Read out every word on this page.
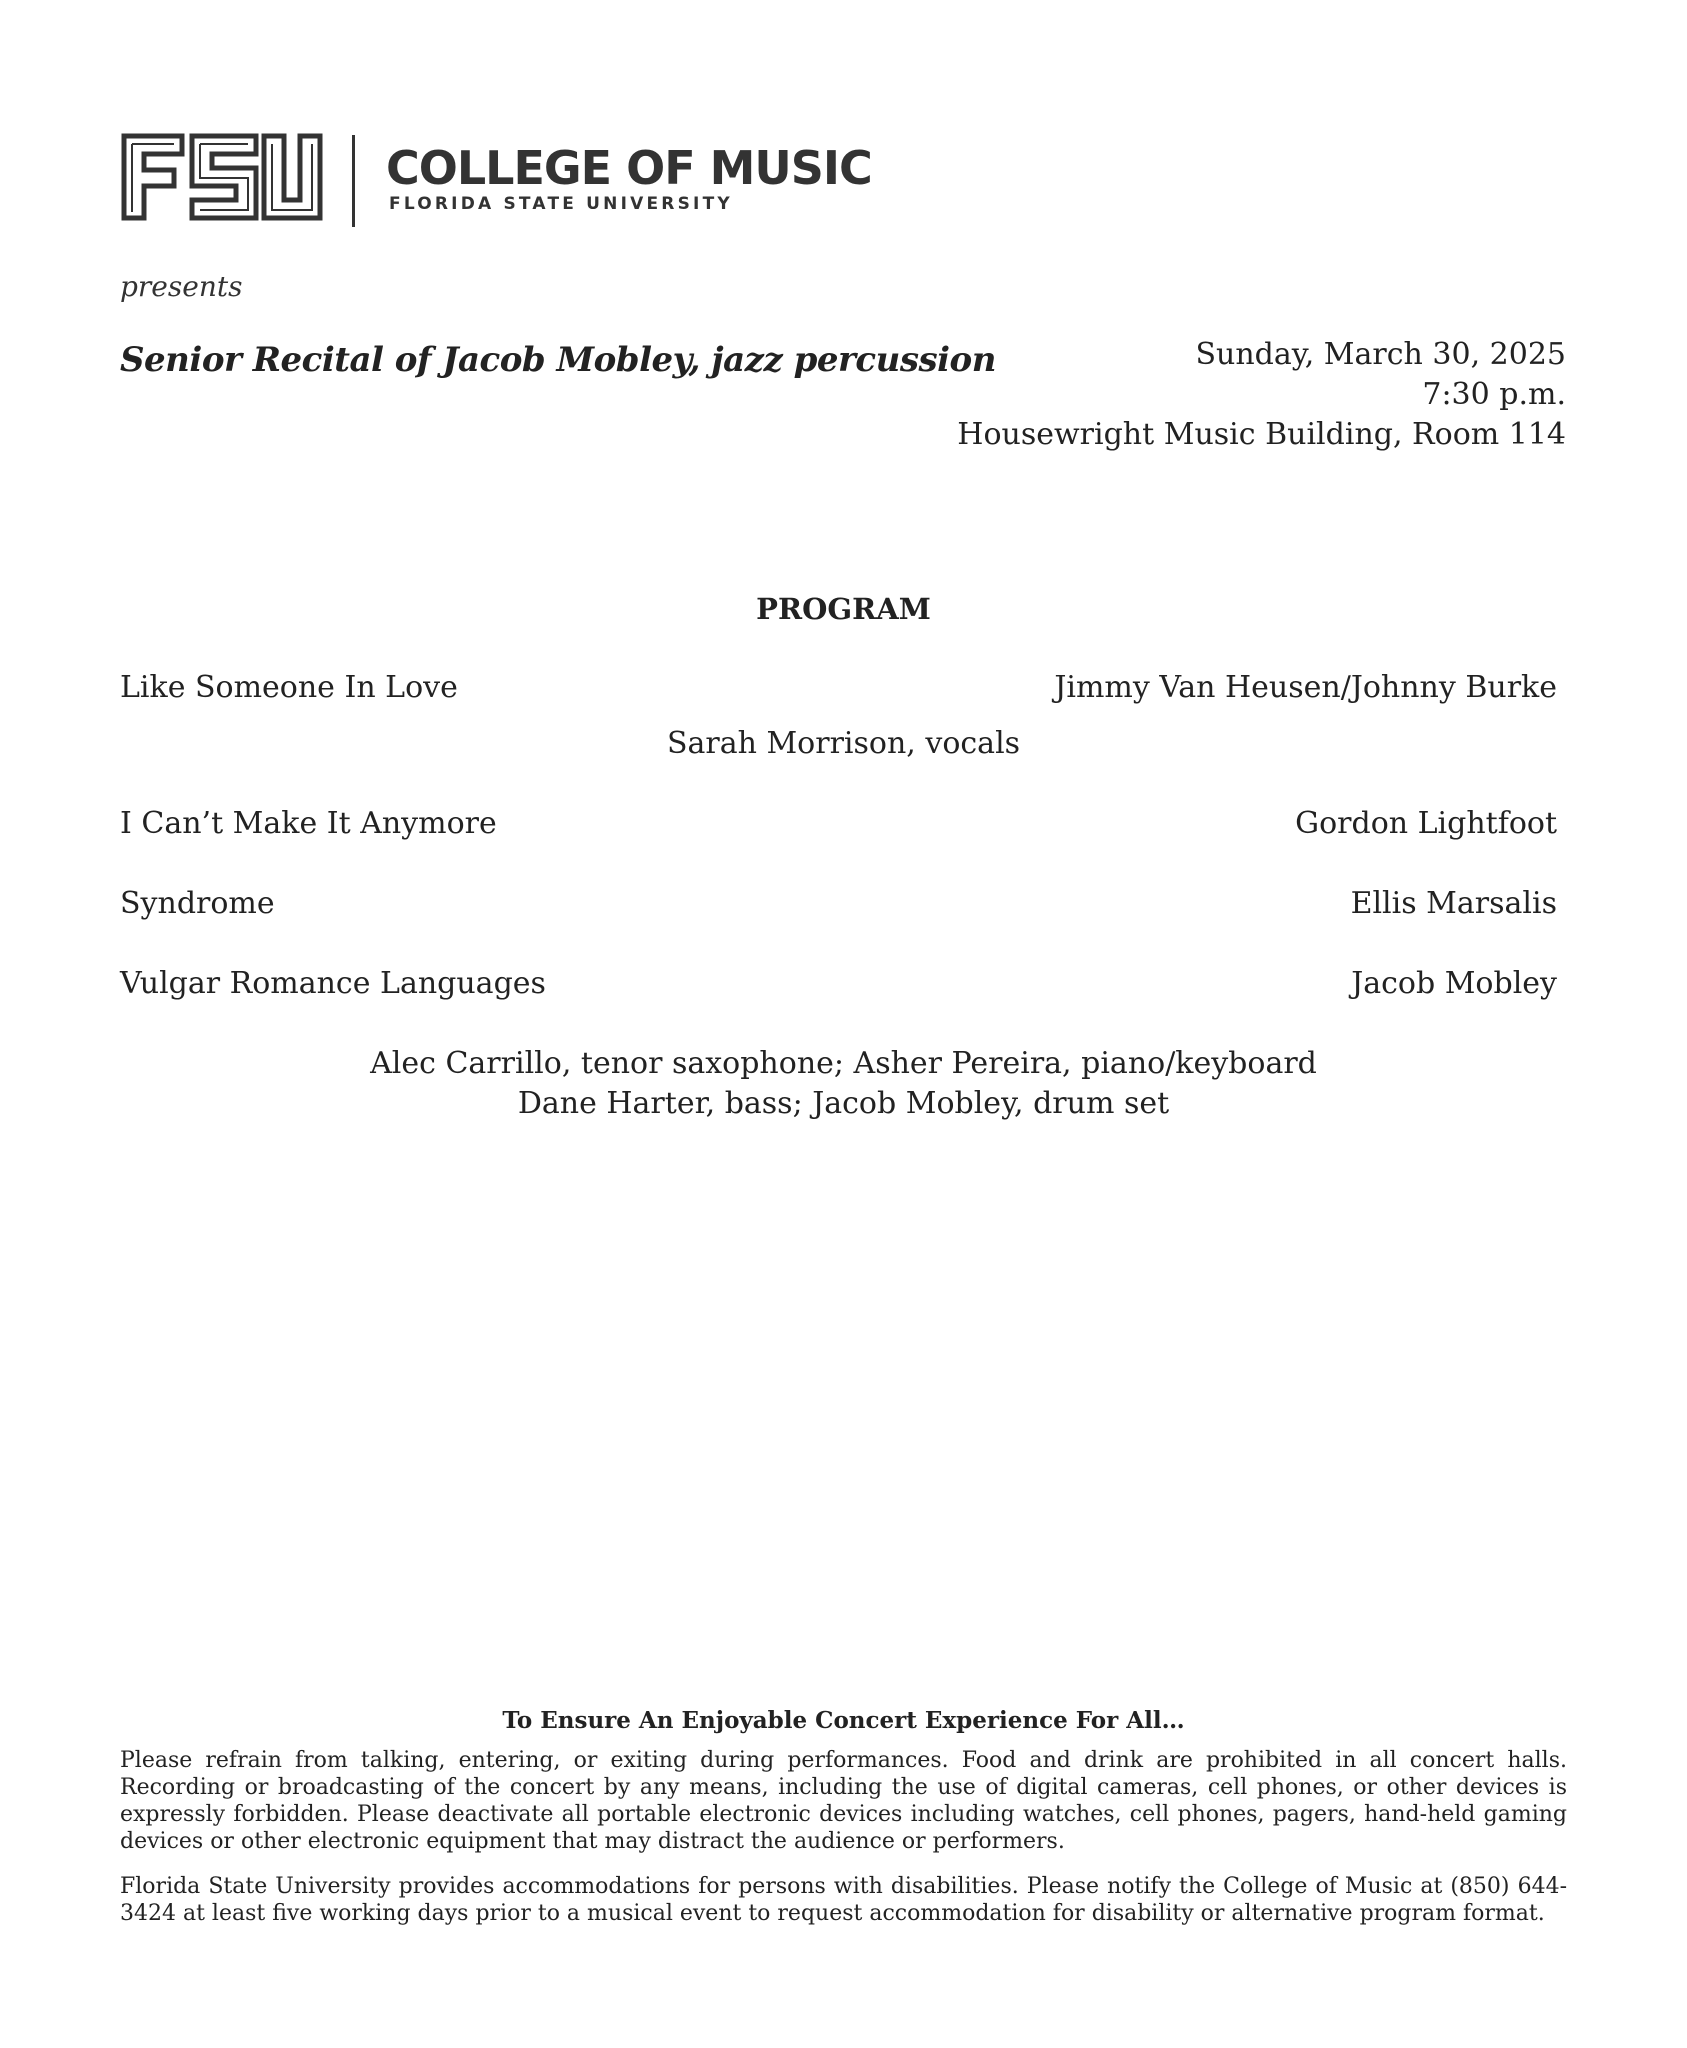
COLLEGE OF MUSIC
FLORIDA STATE UNIVERSITY
presents
Senior Recital of Jacob Mobley, jazz percussion	Sunday, March 30, 2025
7:30 p.m.
Housewright Music Building, Room 114
PROGRAM
Like Someone In Love	Jimmy Van Heusen/Johnny Burke
Sarah Morrison, vocals
I Can’t Make It Anymore	Gordon Lightfoot
Syndrome	Ellis Marsalis
Vulgar Romance Languages	Jacob Mobley
Alec Carrillo, tenor saxophone; Asher Pereira, piano/keyboard
Dane Harter, bass; Jacob Mobley, drum set
To Ensure An Enjoyable Concert Experience For All…
Please refrain from talking, entering, or exiting during performances. Food and drink are prohibited in all concert halls. Recording or broadcasting of the concert by any means, including the use of digital cameras, cell phones, or other devices is expressly forbidden. Please deactivate all portable electronic devices including watches, cell phones, pagers, hand-held gaming devices or other electronic equipment that may distract the audience or performers.
Florida State University provides accommodations for persons with disabilities. Please notify the College of Music at (850) 644-3424 at least five working days prior to a musical event to request accommodation for disability or alternative program format.
